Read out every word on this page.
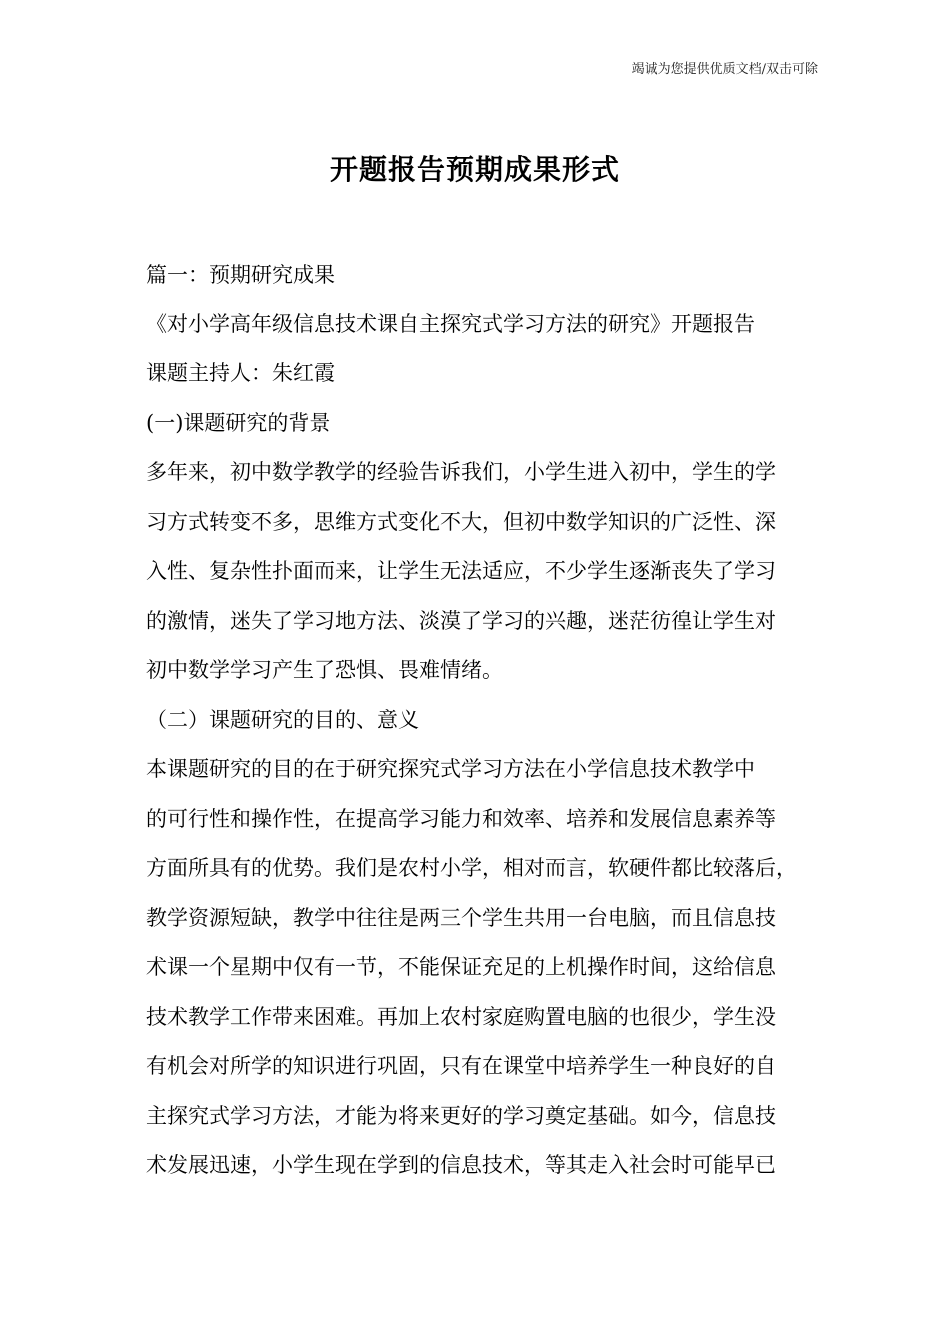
竭诚为您提供优质文档/双击可除
开题报告预期成果形式
篇一：预期研究成果
《对小学高年级信息技术课自主探究式学习方法的研究》开题报告
课题主持人：朱红霞
(一)课题研究的背景
多年来，初中数学教学的经验告诉我们，小学生进入初中，学生的学
习方式转变不多，思维方式变化不大，但初中数学知识的广泛性、深
入性、复杂性扑面而来，让学生无法适应，不少学生逐渐丧失了学习
的激情，迷失了学习地方法、淡漠了学习的兴趣，迷茫彷徨让学生对
初中数学学习产生了恐惧、畏难情绪。
（二）课题研究的目的、意义
本课题研究的目的在于研究探究式学习方法在小学信息技术教学中
的可行性和操作性，在提高学习能力和效率、培养和发展信息素养等
方面所具有的优势。我们是农村小学，相对而言，软硬件都比较落后，
教学资源短缺，教学中往往是两三个学生共用一台电脑，而且信息技
术课一个星期中仅有一节，不能保证充足的上机操作时间，这给信息
技术教学工作带来困难。再加上农村家庭购置电脑的也很少，学生没
有机会对所学的知识进行巩固，只有在课堂中培养学生一种良好的自
主探究式学习方法，才能为将来更好的学习奠定基础。如今，信息技
术发展迅速，小学生现在学到的信息技术，等其走入社会时可能早已
